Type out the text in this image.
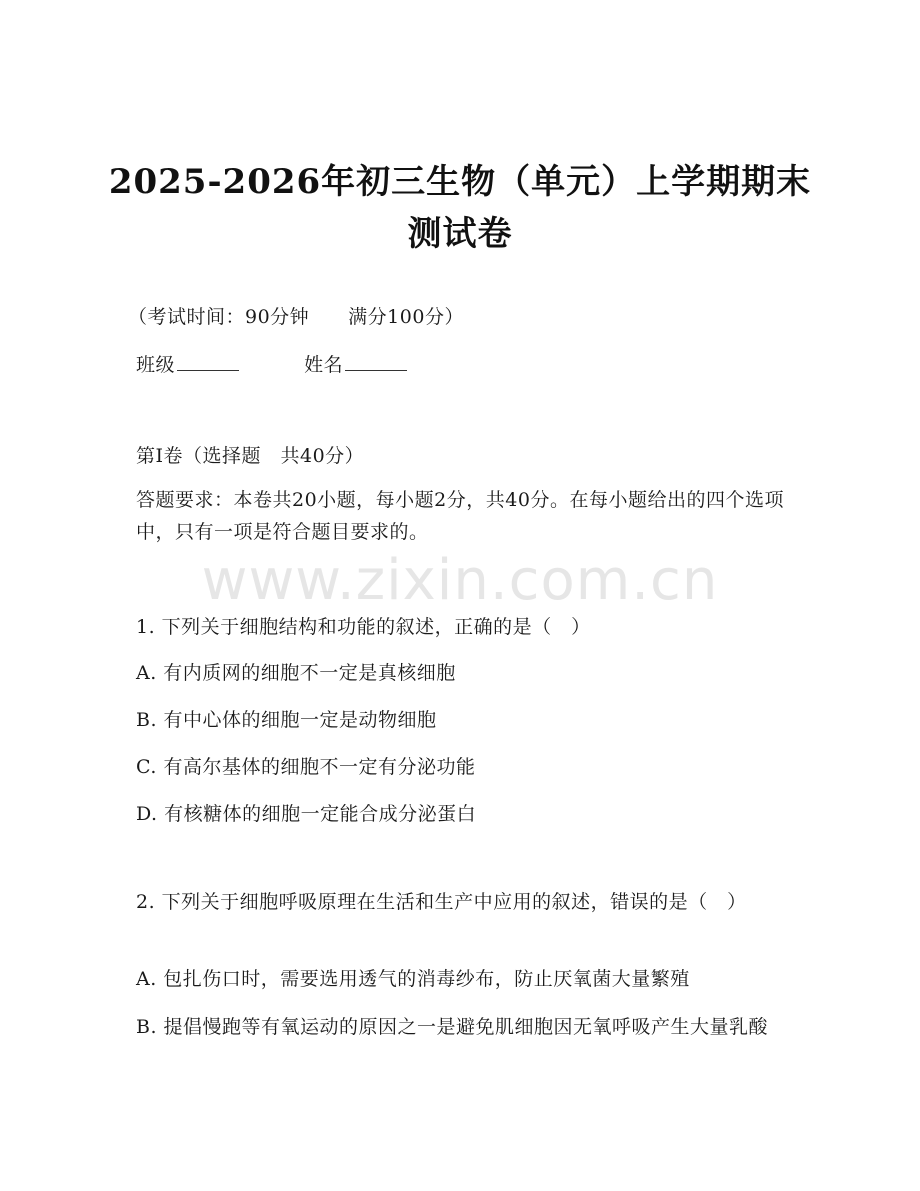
2025-2026年初三生物（单元）上学期期末
测试卷
（考试时间：90分钟　　满分100分）
班级	姓名
第Ⅰ卷（选择题　共40分）
答题要求：本卷共20小题，每小题2分，共40分。在每小题给出的四个选项中，只有一项是符合题目要求的。
www.zixin.com.cn
1. 下列关于细胞结构和功能的叙述，正确的是（　）
A. 有内质网的细胞不一定是真核细胞
B. 有中心体的细胞一定是动物细胞
C. 有高尔基体的细胞不一定有分泌功能
D. 有核糖体的细胞一定能合成分泌蛋白
2. 下列关于细胞呼吸原理在生活和生产中应用的叙述，错误的是（　）
A. 包扎伤口时，需要选用透气的消毒纱布，防止厌氧菌大量繁殖
B. 提倡慢跑等有氧运动的原因之一是避免肌细胞因无氧呼吸产生大量乳酸
